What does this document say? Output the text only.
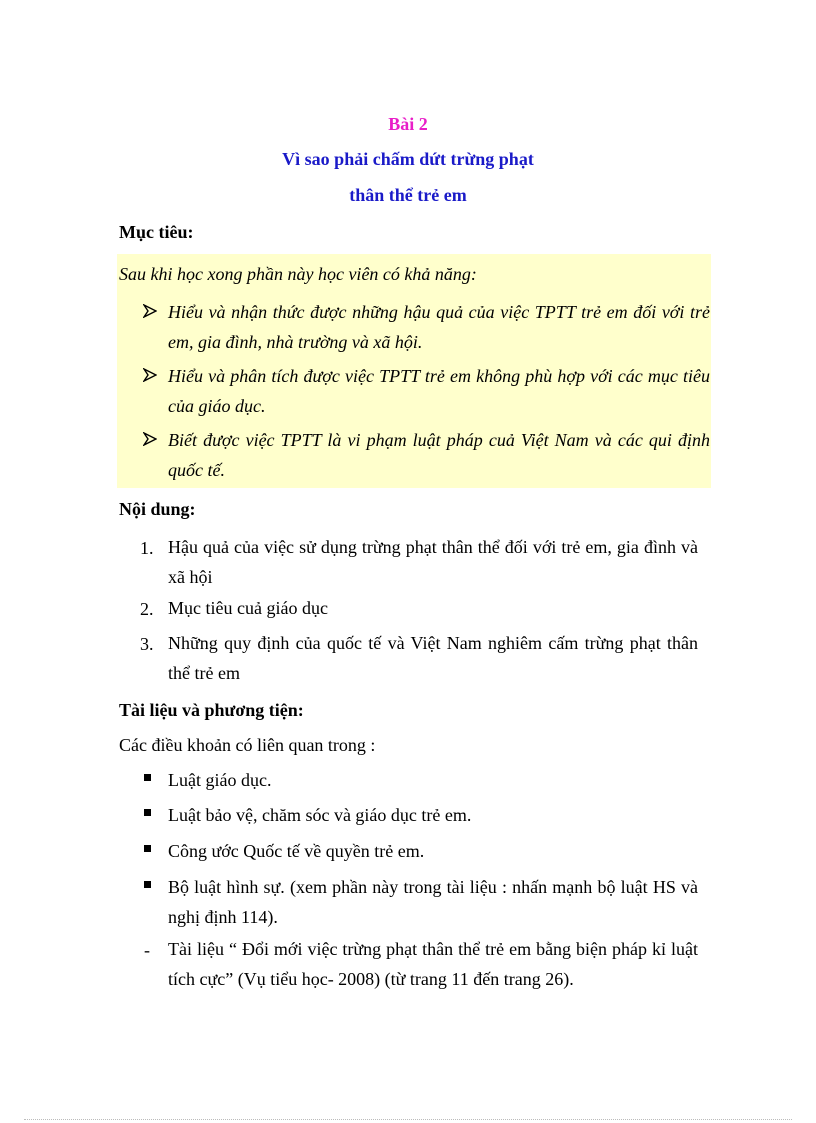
Bài 2
Vì sao phải chấm dứt trừng phạt
thân thể trẻ em
Mục tiêu:
Sau khi học xong phần này học viên có khả năng:
Hiểu và nhận thức được những hậu quả của việc TPTT trẻ em đối với trẻ em, gia đình, nhà trường và xã hội.
Hiểu và phân tích được việc TPTT trẻ em không phù hợp với các mục tiêu của giáo dục.
Biết được việc TPTT là vi phạm luật pháp cuả Việt Nam và các qui định quốc tế.
Nội dung:
1. Hậu quả của việc sử dụng trừng phạt thân thể đối với trẻ em, gia đình và xã hội
2. Mục tiêu cuả giáo dục
3. Những quy định của quốc tế và Việt Nam nghiêm cấm trừng phạt thân thể trẻ em
Tài liệu và phương tiện:
Các điều khoản có liên quan trong :
Luật giáo dục.
Luật bảo vệ, chăm sóc và giáo dục trẻ em.
Công ước Quốc tế về quyền trẻ em.
Bộ luật hình sự. (xem phần này trong tài liệu : nhấn mạnh bộ luật HS và nghị định 114).
- Tài liệu “ Đổi mới việc trừng phạt thân thể trẻ em bằng biện pháp kỉ luật tích cực” (Vụ tiểu học- 2008) (từ trang 11 đến trang 26).
